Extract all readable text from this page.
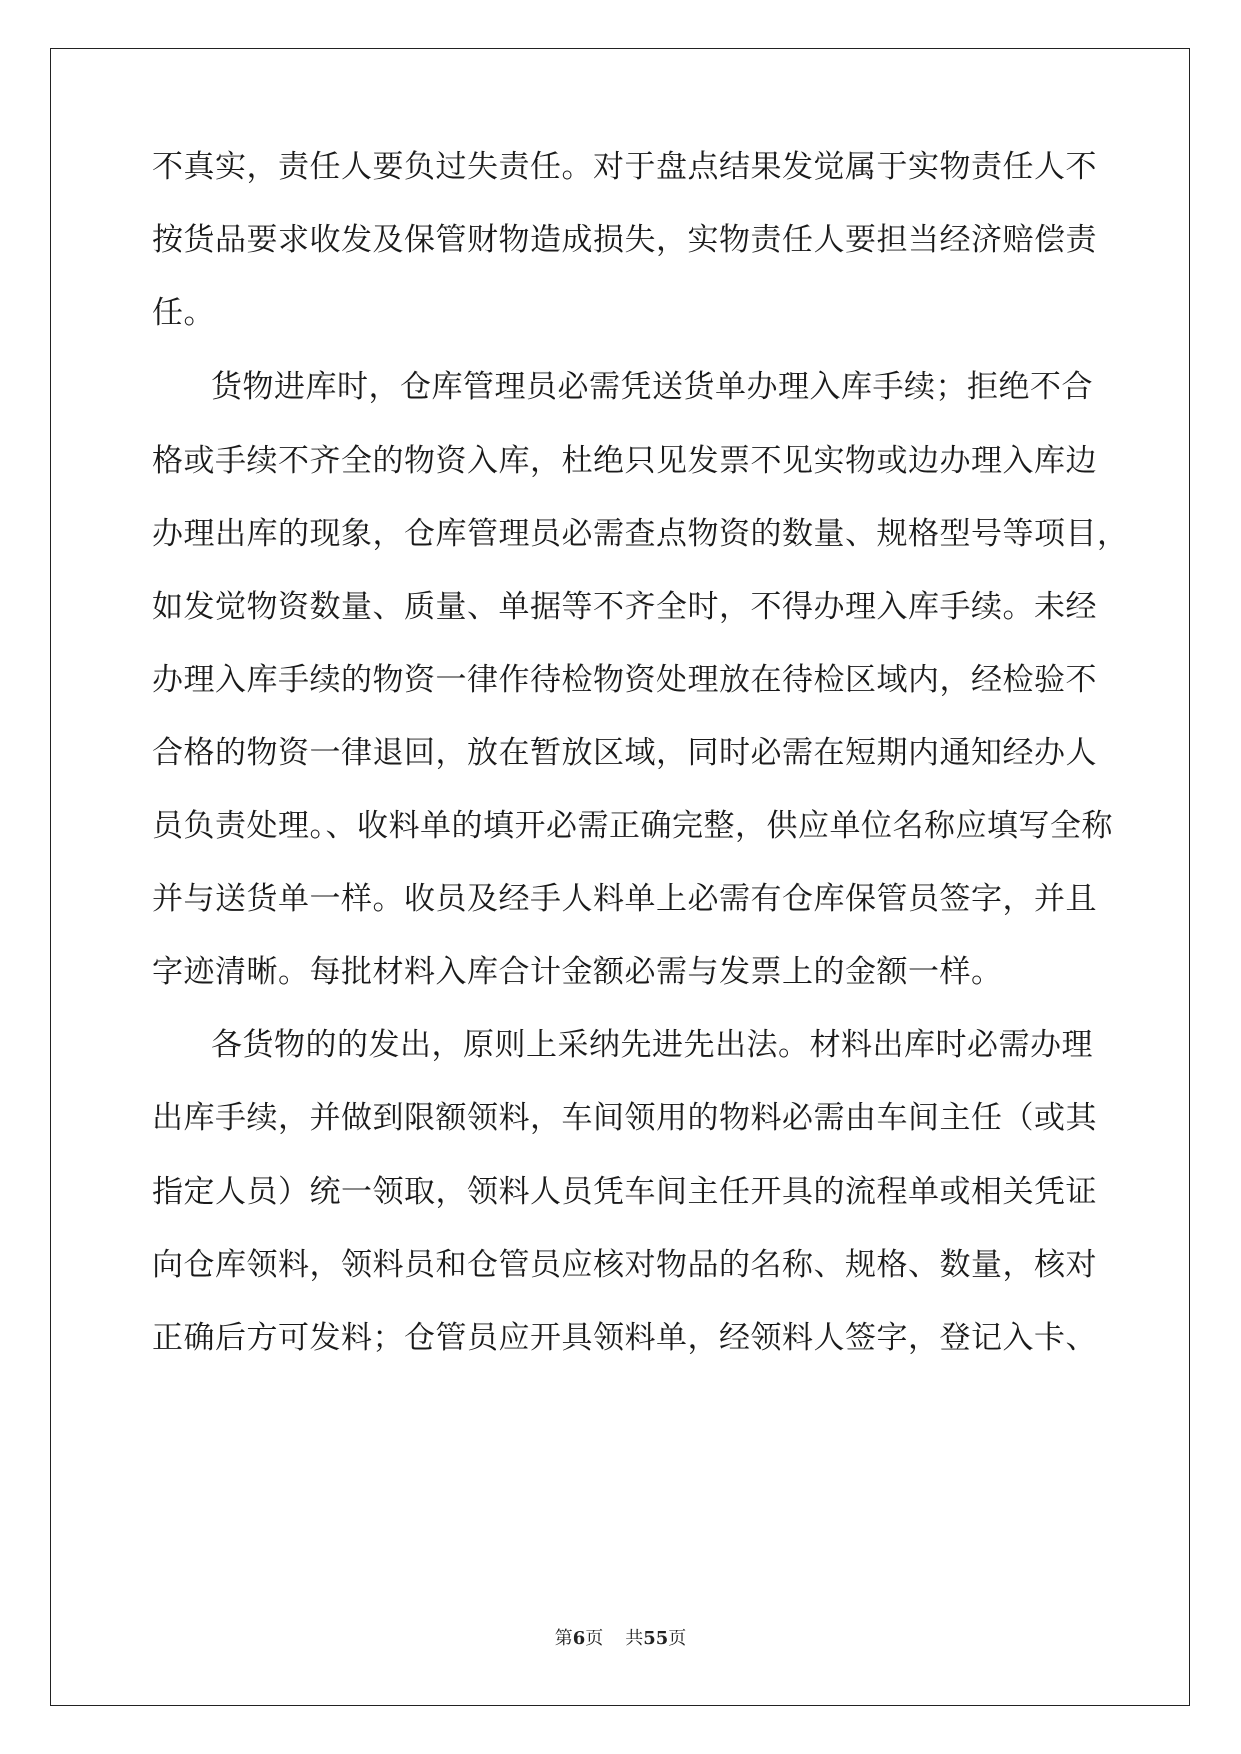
不真实，责任人要负过失责任。对于盘点结果发觉属于实物责任人不
按货品要求收发及保管财物造成损失，实物责任人要担当经济赔偿责
任。
货物进库时，仓库管理员必需凭送货单办理入库手续；拒绝不合
格或手续不齐全的物资入库，杜绝只见发票不见实物或边办理入库边
办理出库的现象，仓库管理员必需查点物资的数量、规格型号等项目，
如发觉物资数量、质量、单据等不齐全时，不得办理入库手续。未经
办理入库手续的物资一律作待检物资处理放在待检区域内，经检验不
合格的物资一律退回，放在暂放区域，同时必需在短期内通知经办人
员负责处理。、收料单的填开必需正确完整，供应单位名称应填写全称
并与送货单一样。收员及经手人料单上必需有仓库保管员签字，并且
字迹清晰。每批材料入库合计金额必需与发票上的金额一样。
各货物的的发出，原则上采纳先进先出法。材料出库时必需办理
出库手续，并做到限额领料，车间领用的物料必需由车间主任（或其
指定人员）统一领取，领料人员凭车间主任开具的流程单或相关凭证
向仓库领料，领料员和仓管员应核对物品的名称、规格、数量，核对
正确后方可发料；仓管员应开具领料单，经领料人签字，登记入卡、
第6页 共55页
